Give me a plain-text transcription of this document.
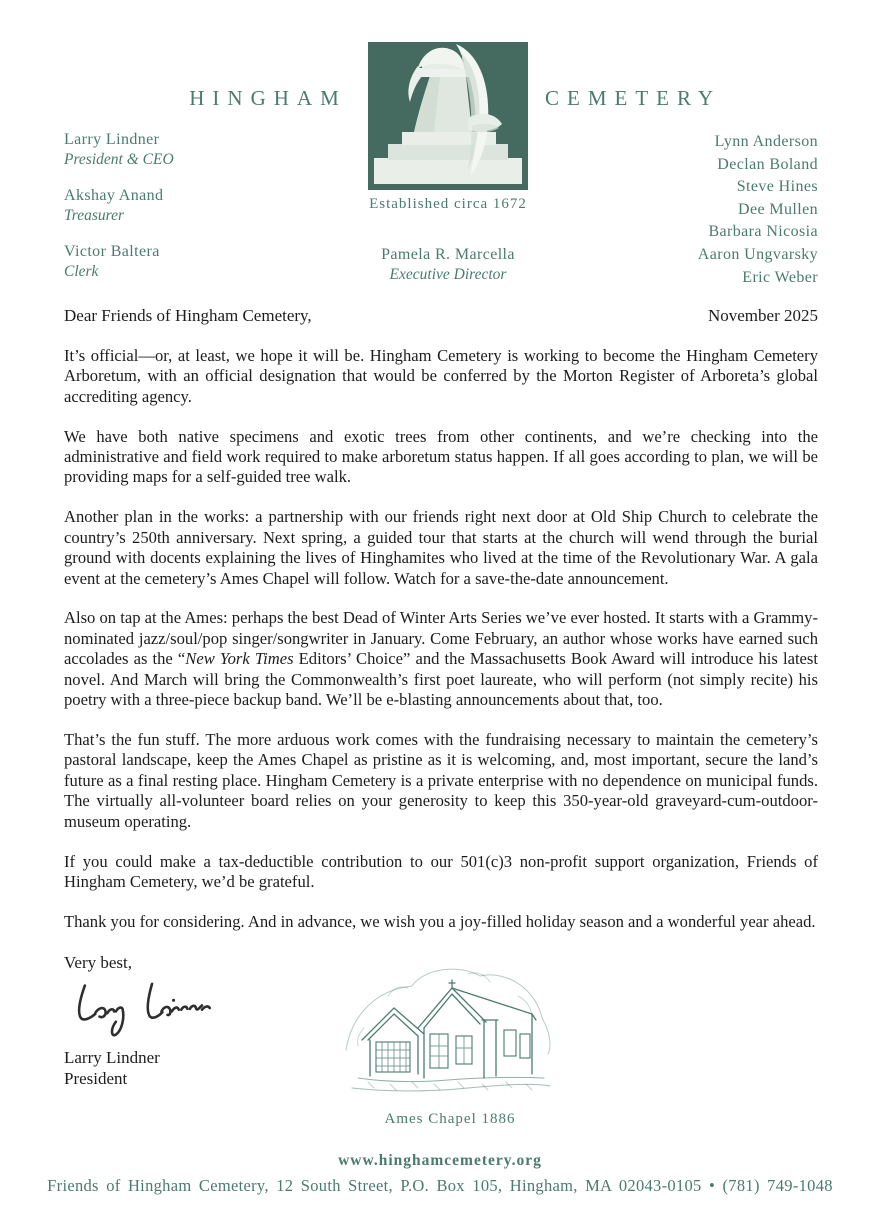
HINGHAM	CEMETERY
Established circa 1672
Larry Lindner
President & CEO
Akshay Anand
Treasurer
Victor Baltera
Clerk
Pamela R. Marcella
Executive Director
Lynn Anderson
Declan Boland
Steve Hines
Dee Mullen
Barbara Nicosia
Aaron Ungvarsky
Eric Weber
Dear Friends of Hingham Cemetery,	November 2025

It’s official—or, at least, we hope it will be. Hingham Cemetery is working to become the Hingham Cemetery Arboretum, with an official designation that would be conferred by the Morton Register of Arboreta’s global accrediting agency.

We have both native specimens and exotic trees from other continents, and we’re checking into the administrative and field work required to make arboretum status happen. If all goes according to plan, we will be providing maps for a self-guided tree walk.

Another plan in the works: a partnership with our friends right next door at Old Ship Church to celebrate the country’s 250th anniversary. Next spring, a guided tour that starts at the church will wend through the burial ground with docents explaining the lives of Hinghamites who lived at the time of the Revolutionary War. A gala event at the cemetery’s Ames Chapel will follow. Watch for a save-the-date announcement.

Also on tap at the Ames: perhaps the best Dead of Winter Arts Series we’ve ever hosted. It starts with a Grammy-nominated jazz/soul/pop singer/songwriter in January. Come February, an author whose works have earned such accolades as the “New York Times Editors’ Choice” and the Massachusetts Book Award will introduce his latest novel. And March will bring the Commonwealth’s first poet laureate, who will perform (not simply recite) his poetry with a three-piece backup band. We’ll be e-blasting announcements about that, too.

That’s the fun stuff. The more arduous work comes with the fundraising necessary to maintain the cemetery’s pastoral landscape, keep the Ames Chapel as pristine as it is welcoming, and, most important, secure the land’s future as a final resting place. Hingham Cemetery is a private enterprise with no dependence on municipal funds. The virtually all-volunteer board relies on your generosity to keep this 350-year-old graveyard-cum-outdoor-museum operating.

If you could make a tax-deductible contribution to our 501(c)3 non-profit support organization, Friends of Hingham Cemetery, we’d be grateful.

Thank you for considering. And in advance, we wish you a joy-filled holiday season and a wonderful year ahead.

Very best,
Larry Lindner
President
Ames Chapel 1886
www.hinghamcemetery.org
Friends of Hingham Cemetery, 12 South Street, P.O. Box 105, Hingham, MA 02043-0105 • (781) 749-1048
